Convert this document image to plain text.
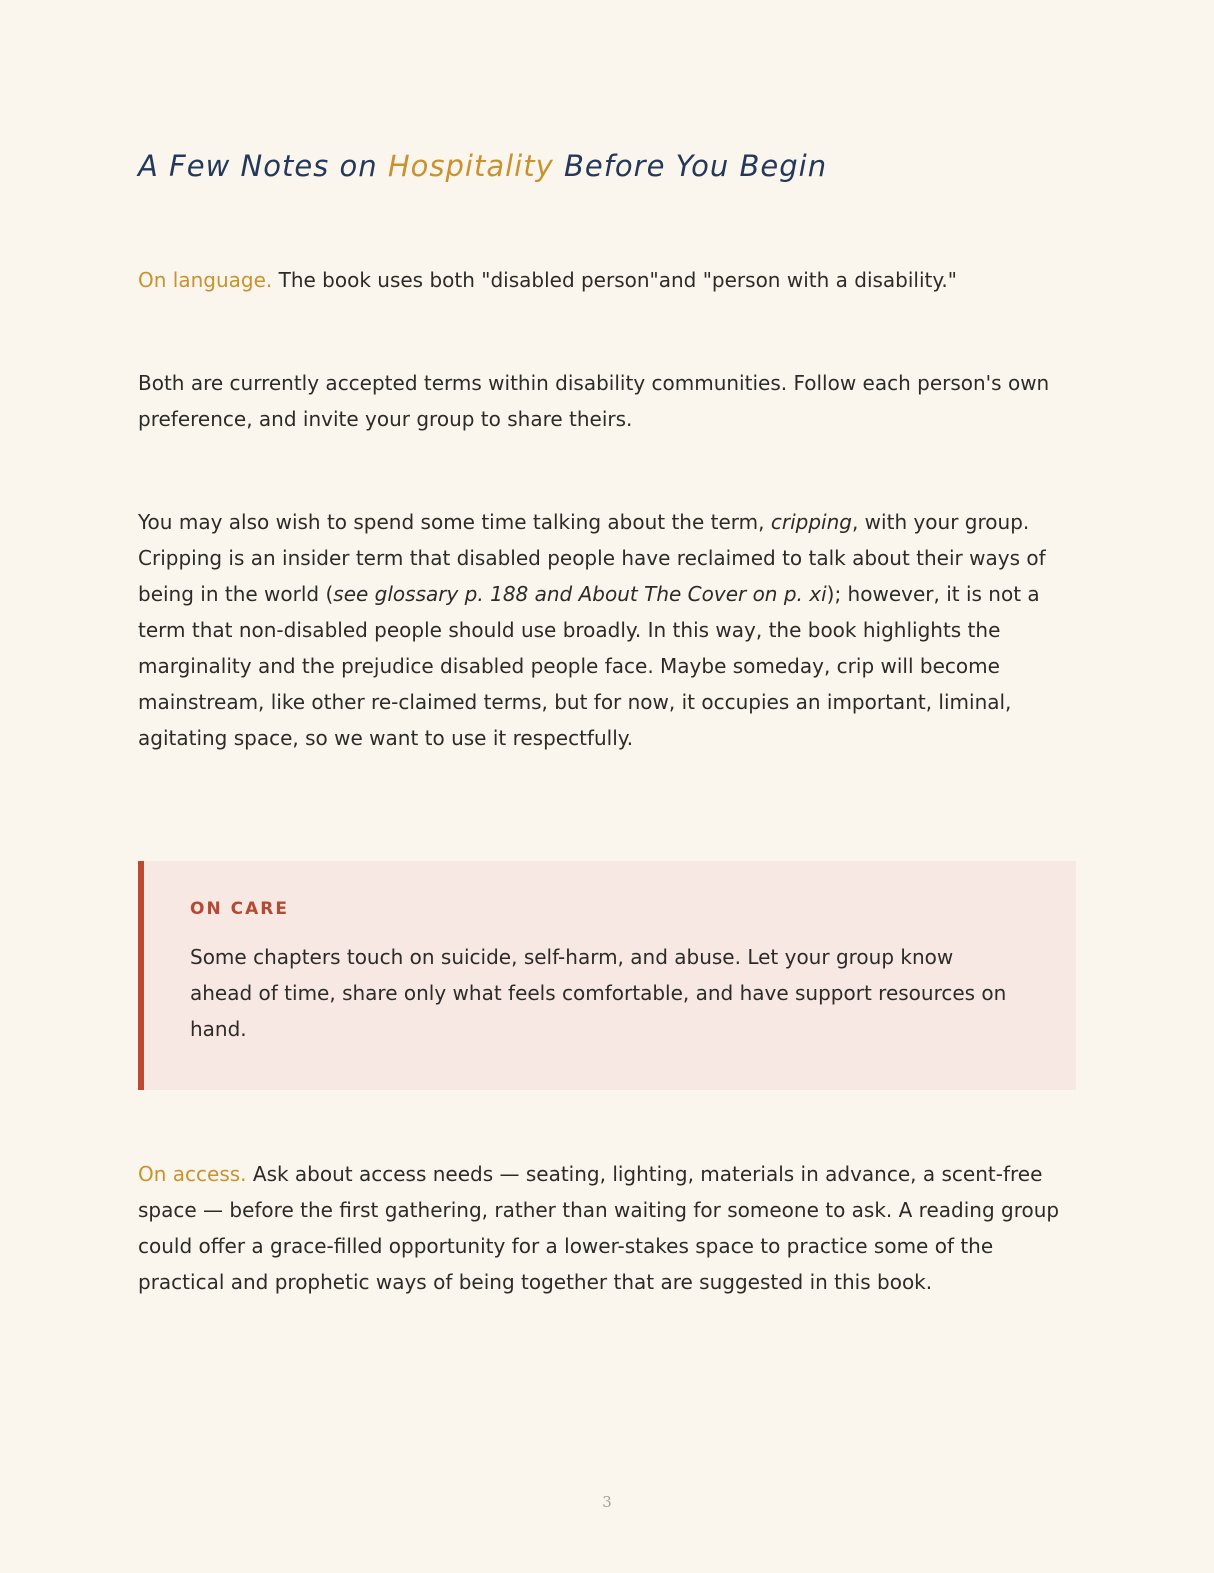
A Few Notes on Hospitality Before You Begin

On language. The book uses both "disabled person"and "person with a disability."

Both are currently accepted terms within disability communities. Follow each person's own preference, and invite your group to share theirs.

You may also wish to spend some time talking about the term, cripping, with your group. Cripping is an insider term that disabled people have reclaimed to talk about their ways of being in the world (see glossary p. 188 and About The Cover on p. xi); however, it is not a term that non-disabled people should use broadly. In this way, the book highlights the marginality and the prejudice disabled people face. Maybe someday, crip will become mainstream, like other re-claimed terms, but for now, it occupies an important, liminal, agitating space, so we want to use it respectfully.

ON CARE

Some chapters touch on suicide, self-harm, and abuse. Let your group know ahead of time, share only what feels comfortable, and have support resources on hand.

On access. Ask about access needs — seating, lighting, materials in advance, a scent-free space — before the first gathering, rather than waiting for someone to ask. A reading group could offer a grace-filled opportunity for a lower-stakes space to practice some of the practical and prophetic ways of being together that are suggested in this book.

3
